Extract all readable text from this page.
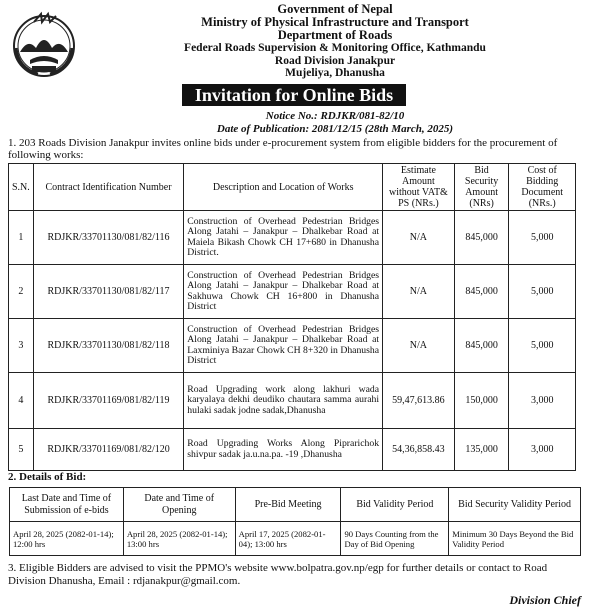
Government of Nepal
Ministry of Physical Infrastructure and Transport
Department of Roads
Federal Roads Supervision & Monitoring Office, Kathmandu
Road Division Janakpur
Mujeliya, Dhanusha
Invitation for Online Bids
Notice No.: RDJKR/081-82/10
Date of Publication: 2081/12/15 (28th March, 2025)
1. 203 Roads Division Janakpur invites online bids under e-procurement system from eligible bidders for the procurement of following works:
S.N.	Contract Identification Number	Description and Location of Works	Estimate Amount without VAT& PS (NRs.)	Bid Security Amount (NRs)	Cost of Bidding Document (NRs.)
1	RDJKR/33701130/081/82/116	Construction of Overhead Pedestrian Bridges Along Jatahi – Janakpur – Dhalkebar Road at Maiela Bikash Chowk CH 17+680 in Dhanusha District.	N/A	845,000	5,000
2	RDJKR/33701130/081/82/117	Construction of Overhead Pedestrian Bridges Along Jatahi – Janakpur – Dhalkebar Road at Sakhuwa Chowk CH 16+800 in Dhanusha District	N/A	845,000	5,000
3	RDJKR/33701130/081/82/118	Construction of Overhead Pedestrian Bridges Along Jatahi – Janakpur – Dhalkebar Road at Laxminiya Bazar Chowk CH 8+320 in Dhanusha District	N/A	845,000	5,000
4	RDJKR/33701169/081/82/119	Road Upgrading work along lakhuri wada karyalaya dekhi deudiko chautara samma aurahi hulaki sadak jodne sadak,Dhanusha	59,47,613.86	150,000	3,000
5	RDJKR/33701169/081/82/120	Road Upgrading Works Along Piprarichok shivpur sadak ja.u.na.pa. -19 ,Dhanusha	54,36,858.43	135,000	3,000
2. Details of Bid:
Last Date and Time of Submission of e-bids	Date and Time of Opening	Pre-Bid Meeting	Bid Validity Period	Bid Security Validity Period
April 28, 2025 (2082-01-14); 12:00 hrs	April 28, 2025 (2082-01-14); 13:00 hrs	April 17, 2025 (2082-01-04); 13:00 hrs	90 Days Counting from the Day of Bid Opening	Minimum 30 Days Beyond the Bid Validity Period
3. Eligible Bidders are advised to visit the PPMO's website www.bolpatra.gov.np/egp for further details or contact to Road Division Dhanusha, Email : rdjanakpur@gmail.com.
Division Chief
